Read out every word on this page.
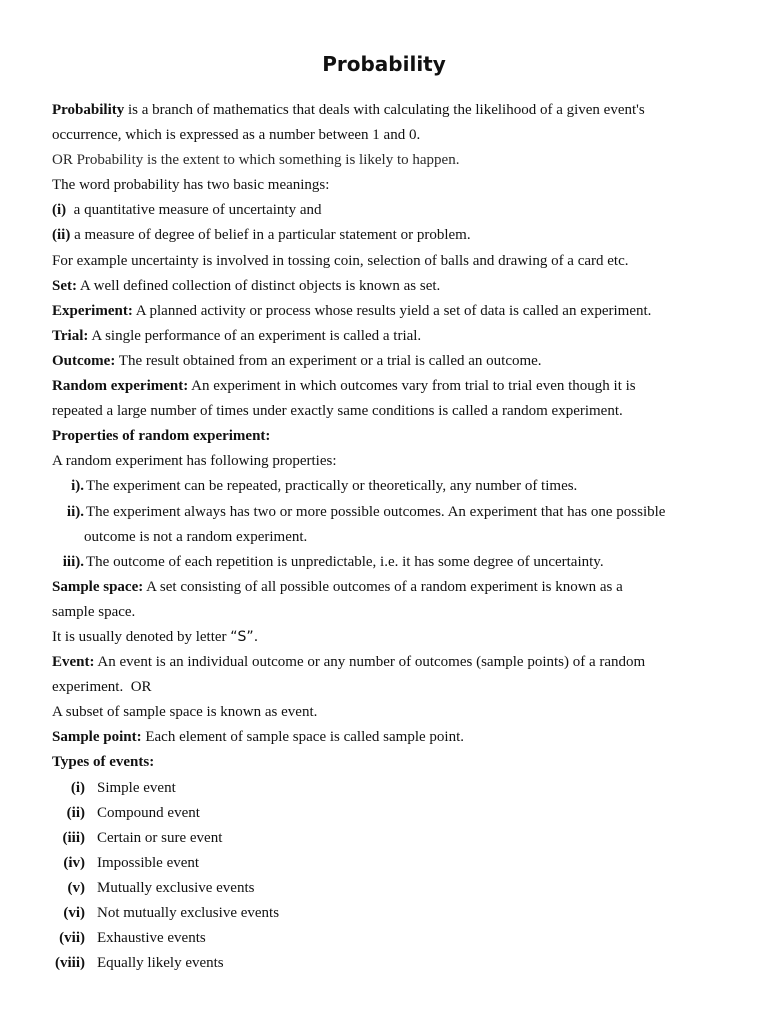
Probability
Probability is a branch of mathematics that deals with calculating the likelihood of a given event's
occurrence, which is expressed as a number between 1 and 0.
OR Probability is the extent to which something is likely to happen.
The word probability has two basic meanings:
(i)  a quantitative measure of uncertainty and
(ii) a measure of degree of belief in a particular statement or problem.
For example uncertainty is involved in tossing coin, selection of balls and drawing of a card etc.
Set: A well defined collection of distinct objects is known as set.
Experiment: A planned activity or process whose results yield a set of data is called an experiment.
Trial: A single performance of an experiment is called a trial.
Outcome: The result obtained from an experiment or a trial is called an outcome.
Random experiment: An experiment in which outcomes vary from trial to trial even though it is
repeated a large number of times under exactly same conditions is called a random experiment.
Properties of random experiment:
A random experiment has following properties:
i). The experiment can be repeated, practically or theoretically, any number of times.
ii). The experiment always has two or more possible outcomes. An experiment that has one possible
outcome is not a random experiment.
iii). The outcome of each repetition is unpredictable, i.e. it has some degree of uncertainty.
Sample space: A set consisting of all possible outcomes of a random experiment is known as a
sample space.
It is usually denoted by letter “S”.
Event: An event is an individual outcome or any number of outcomes (sample points) of a random
experiment.  OR
A subset of sample space is known as event.
Sample point: Each element of sample space is called sample point.
Types of events:
(i) Simple event
(ii) Compound event
(iii) Certain or sure event
(iv) Impossible event
(v) Mutually exclusive events
(vi) Not mutually exclusive events
(vii) Exhaustive events
(viii) Equally likely events
